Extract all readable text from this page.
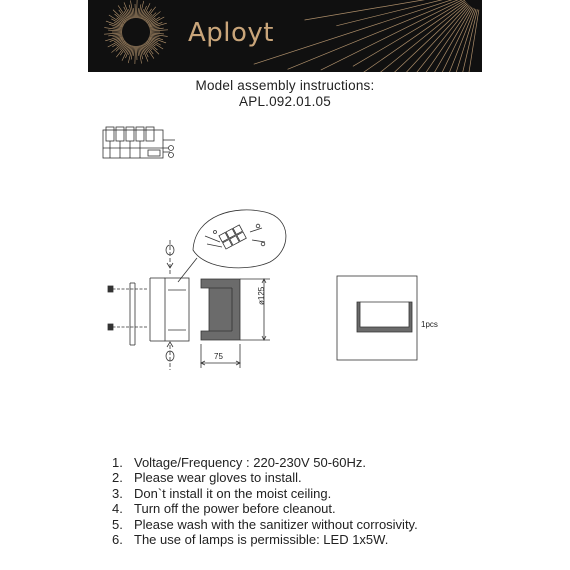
Aployt
Model assembly instructions:
APL.092.01.05
75
ø125
1pcs
1. Voltage/Frequency : 220-230V 50-60Hz.
2. Please wear gloves to install.
3. Don`t install it on the moist ceiling.
4. Turn off the power before cleanout.
5. Please wash with the sanitizer without corrosivity.
6. The use of lamps is permissible: LED 1x5W.
